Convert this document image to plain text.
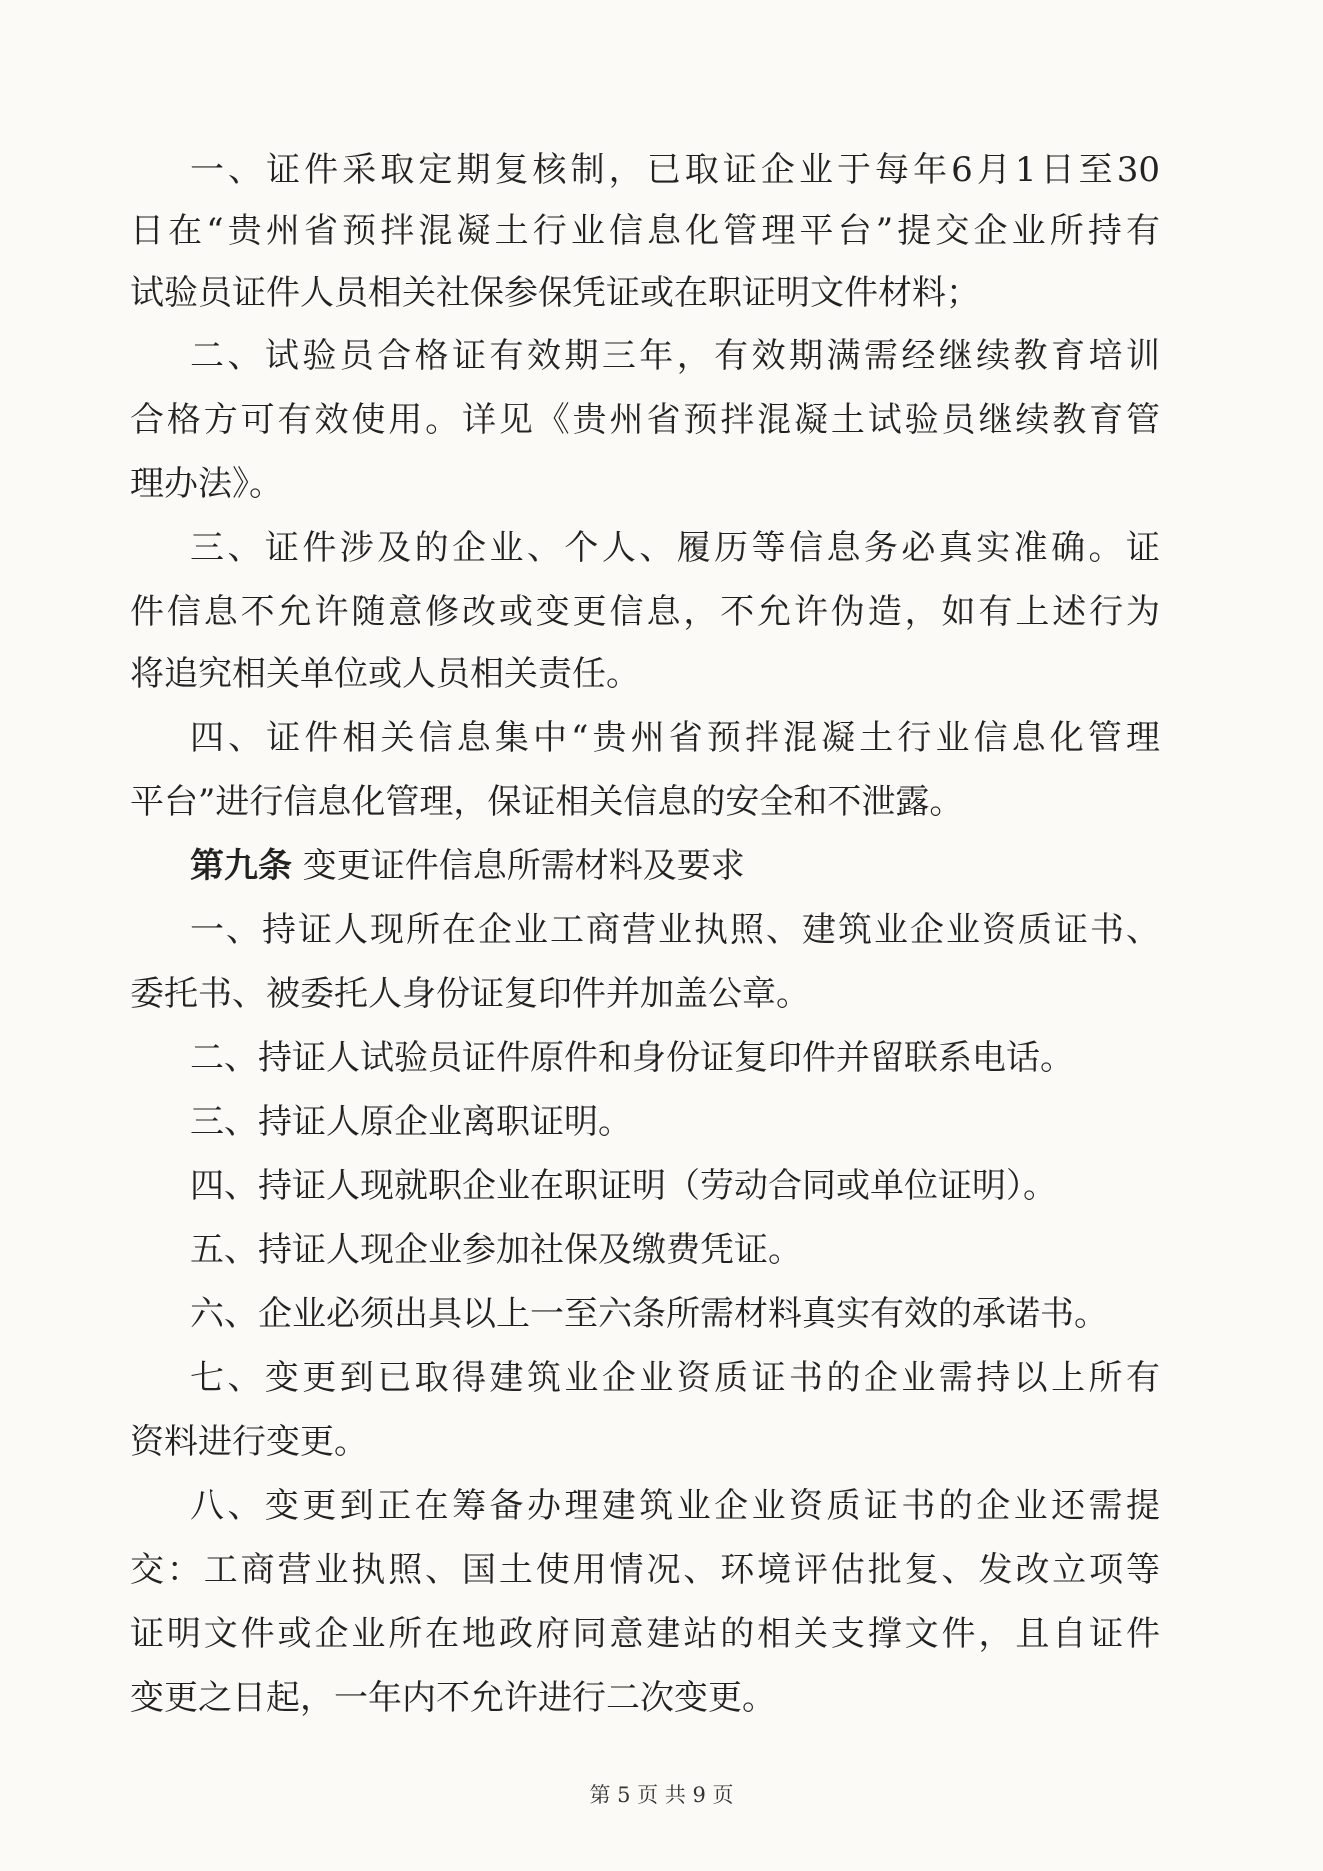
一、证件采取定期复核制，已取证企业于每年6月1日至30
日在“贵州省预拌混凝土行业信息化管理平台”提交企业所持有
试验员证件人员相关社保参保凭证或在职证明文件材料；
二、试验员合格证有效期三年，有效期满需经继续教育培训
合格方可有效使用。详见《贵州省预拌混凝土试验员继续教育管
理办法》。
三、证件涉及的企业、个人、履历等信息务必真实准确。证
件信息不允许随意修改或变更信息，不允许伪造，如有上述行为
将追究相关单位或人员相关责任。
四、证件相关信息集中“贵州省预拌混凝土行业信息化管理
平台”进行信息化管理，保证相关信息的安全和不泄露。
第九条 变更证件信息所需材料及要求
一、持证人现所在企业工商营业执照、建筑业企业资质证书、
委托书、被委托人身份证复印件并加盖公章。
二、持证人试验员证件原件和身份证复印件并留联系电话。
三、持证人原企业离职证明。
四、持证人现就职企业在职证明（劳动合同或单位证明）。
五、持证人现企业参加社保及缴费凭证。
六、企业必须出具以上一至六条所需材料真实有效的承诺书。
七、变更到已取得建筑业企业资质证书的企业需持以上所有
资料进行变更。
八、变更到正在筹备办理建筑业企业资质证书的企业还需提
交：工商营业执照、国土使用情况、环境评估批复、发改立项等
证明文件或企业所在地政府同意建站的相关支撑文件，且自证件
变更之日起，一年内不允许进行二次变更。
第 5 页 共 9 页
